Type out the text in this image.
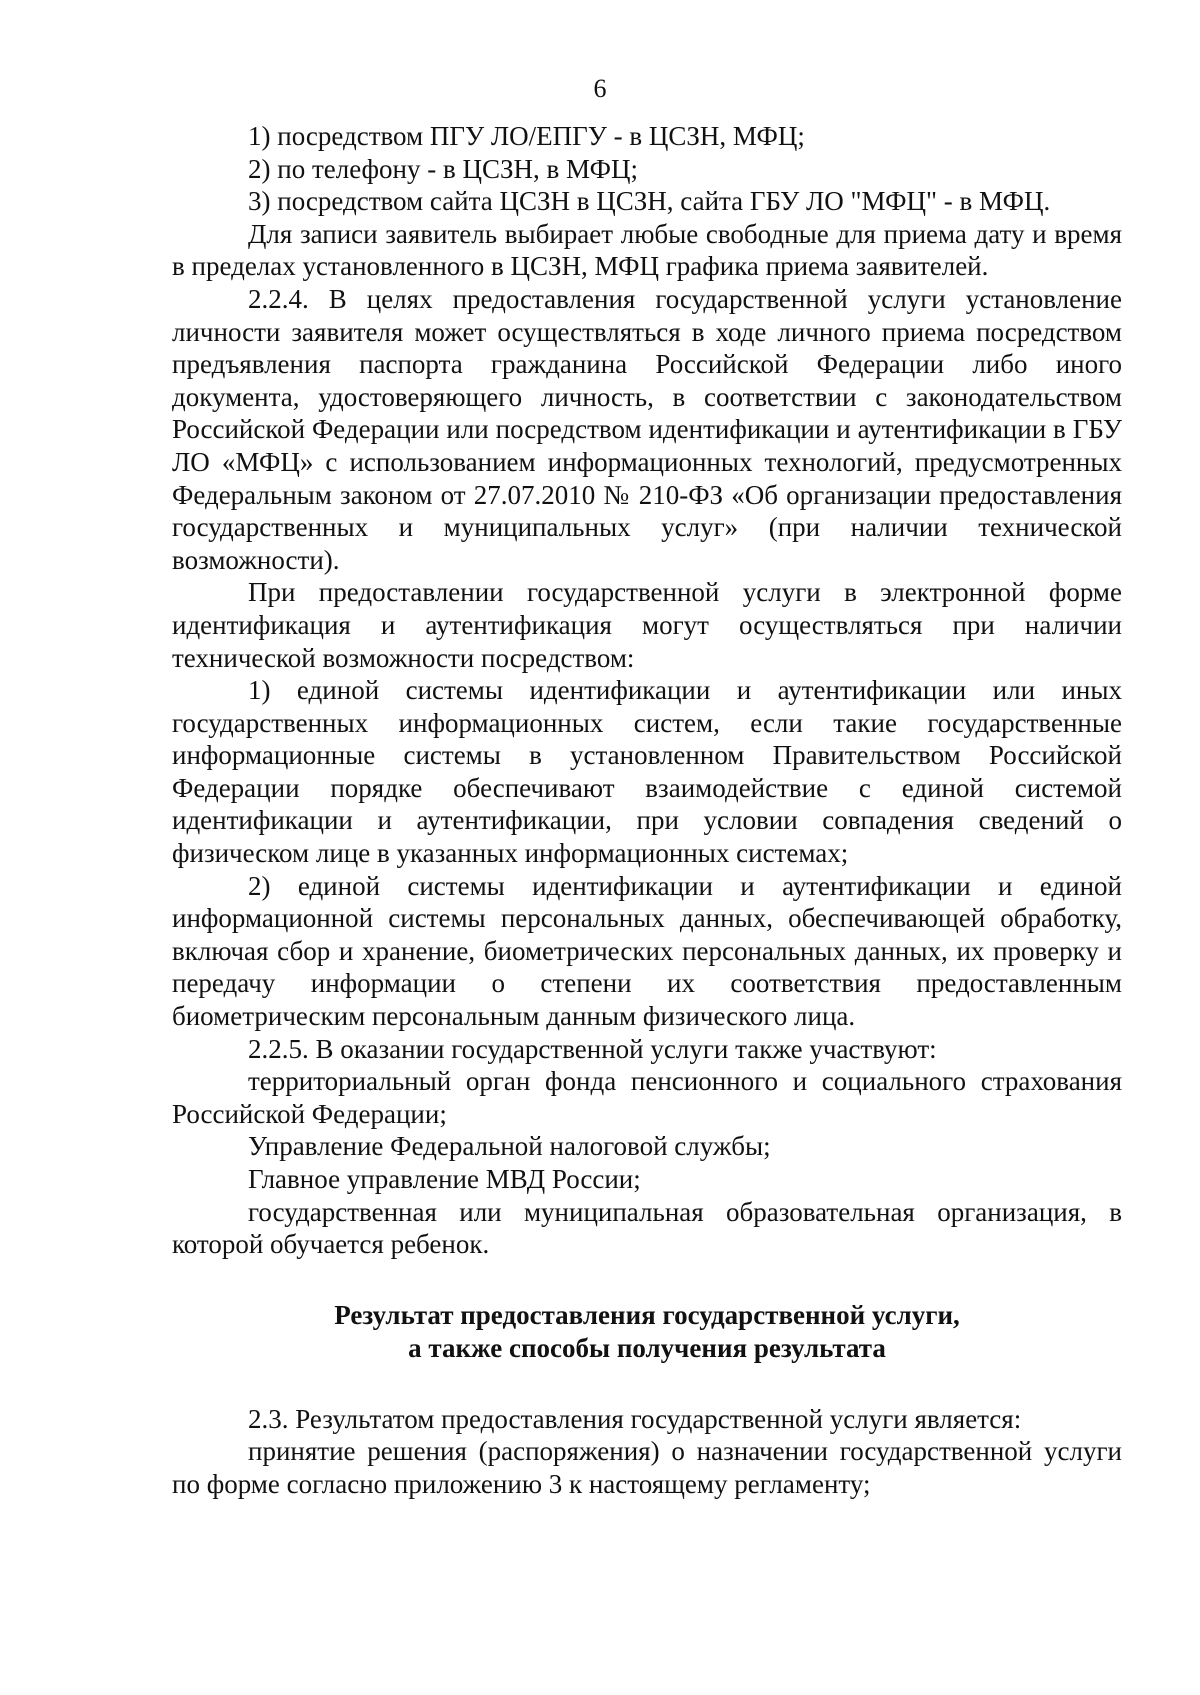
6

1) посредством ПГУ ЛО/ЕПГУ - в ЦСЗН, МФЦ;

2) по телефону - в ЦСЗН, в МФЦ;

3) посредством сайта ЦСЗН в ЦСЗН, сайта ГБУ ЛО "МФЦ" - в МФЦ.

Для записи заявитель выбирает любые свободные для приема дату и время в пределах установленного в ЦСЗН, МФЦ графика приема заявителей.

2.2.4. В целях предоставления государственной услуги установление личности заявителя может осуществляться в ходе личного приема посредством предъявления паспорта гражданина Российской Федерации либо иного документа, удостоверяющего личность, в соответствии с законодательством Российской Федерации или посредством идентификации и аутентификации в ГБУ ЛО «МФЦ» с использованием информационных технологий, предусмотренных Федеральным законом от 27.07.2010 № 210-ФЗ «Об организации предоставления государственных и муниципальных услуг» (при наличии технической возможности).

При предоставлении государственной услуги в электронной форме идентификация и аутентификация могут осуществляться при наличии технической возможности посредством:

1) единой системы идентификации и аутентификации или иных государственных информационных систем, если такие государственные информационные системы в установленном Правительством Российской Федерации порядке обеспечивают взаимодействие с единой системой идентификации и аутентификации, при условии совпадения сведений о физическом лице в указанных информационных системах;

2) единой системы идентификации и аутентификации и единой информационной системы персональных данных, обеспечивающей обработку, включая сбор и хранение, биометрических персональных данных, их проверку и передачу информации о степени их соответствия предоставленным биометрическим персональным данным физического лица.

2.2.5. В оказании государственной услуги также участвуют:

территориальный орган фонда пенсионного и социального страхования Российской Федерации;

Управление Федеральной налоговой службы;

Главное управление МВД России;

государственная или муниципальная образовательная организация, в которой обучается ребенок.

Результат предоставления государственной услуги,
а также способы получения результата

2.3. Результатом предоставления государственной услуги является:

принятие решения (распоряжения) о назначении государственной услуги по форме согласно приложению 3 к настоящему регламенту;
